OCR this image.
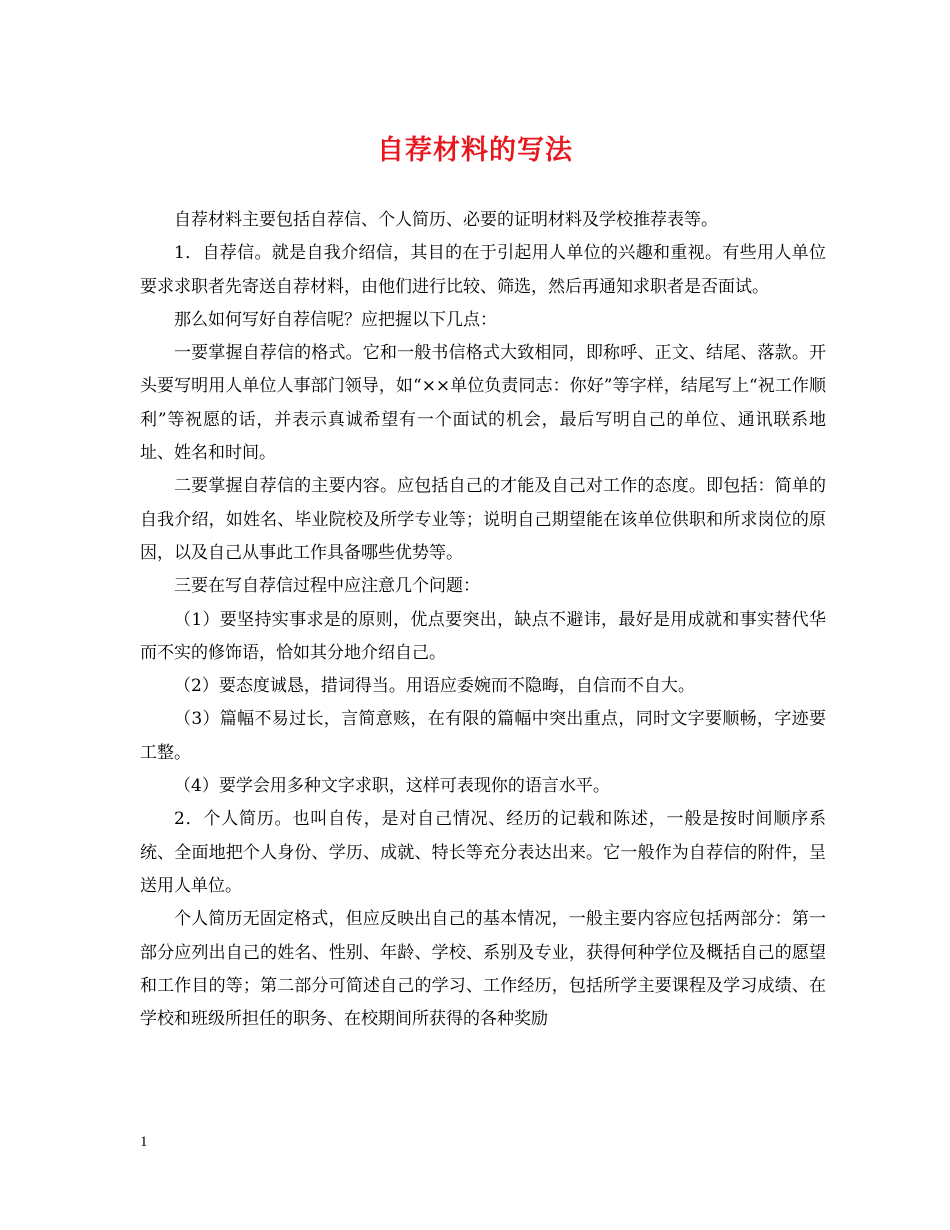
自荐材料的写法

自荐材料主要包括自荐信、个人简历、必要的证明材料及学校推荐表等。

1．自荐信。就是自我介绍信，其目的在于引起用人单位的兴趣和重视。有些用人单位要求求职者先寄送自荐材料，由他们进行比较、筛选，然后再通知求职者是否面试。

那么如何写好自荐信呢？应把握以下几点：

一要掌握自荐信的格式。它和一般书信格式大致相同，即称呼、正文、结尾、落款。开头要写明用人单位人事部门领导，如“××单位负责同志：你好”等字样，结尾写上“祝工作顺利”等祝愿的话，并表示真诚希望有一个面试的机会，最后写明自己的单位、通讯联系地址、姓名和时间。

二要掌握自荐信的主要内容。应包括自己的才能及自己对工作的态度。即包括：简单的自我介绍，如姓名、毕业院校及所学专业等；说明自己期望能在该单位供职和所求岗位的原因，以及自己从事此工作具备哪些优势等。

三要在写自荐信过程中应注意几个问题：

（1）要坚持实事求是的原则，优点要突出，缺点不避讳，最好是用成就和事实替代华而不实的修饰语，恰如其分地介绍自己。

（2）要态度诚恳，措词得当。用语应委婉而不隐晦，自信而不自大。

（3）篇幅不易过长，言简意赅，在有限的篇幅中突出重点，同时文字要顺畅，字迹要工整。

（4）要学会用多种文字求职，这样可表现你的语言水平。

2．个人简历。也叫自传，是对自己情况、经历的记载和陈述，一般是按时间顺序系统、全面地把个人身份、学历、成就、特长等充分表达出来。它一般作为自荐信的附件，呈送用人单位。

个人简历无固定格式，但应反映出自己的基本情况，一般主要内容应包括两部分：第一部分应列出自己的姓名、性别、年龄、学校、系别及专业，获得何种学位及概括自己的愿望和工作目的等；第二部分可简述自己的学习、工作经历，包括所学主要课程及学习成绩、在学校和班级所担任的职务、在校期间所获得的各种奖励

1
